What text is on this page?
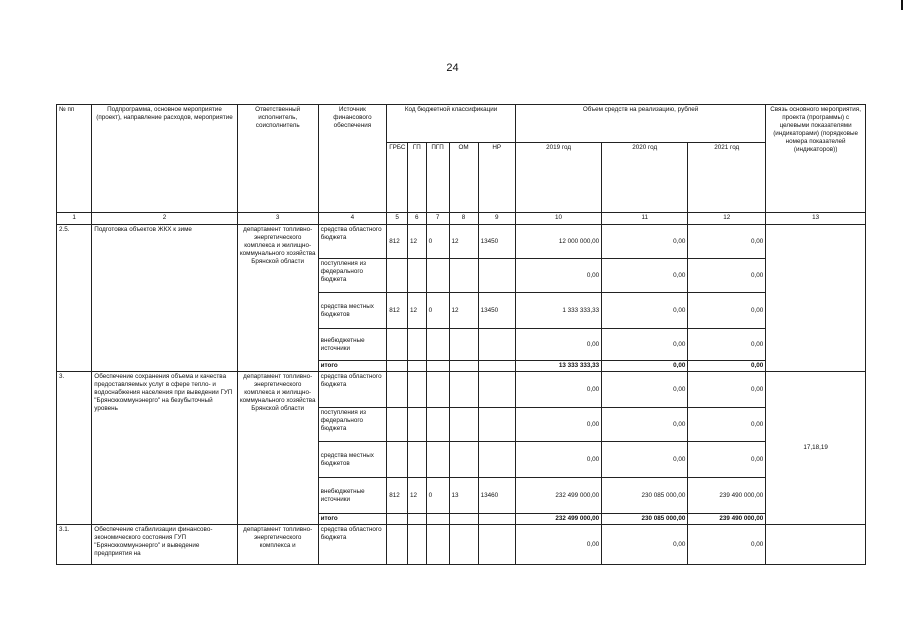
24
№ пп	Подпрограмма, основное мероприятие (проект), направление расходов, мероприятие	Ответственный исполнитель, соисполнитель	Источник финансового обеспечения	Код бюджетной классификации					Объем средств на реализацию, рублей			Связь основного мероприятия, проекта (программы) с целевыми показателями (индикаторами) (порядковые номера показателей (индикаторов))
				ГРБС	ГП	ПГП	ОМ	НР	2019 год	2020 год	2021 год	
1	2	3	4	5	6	7	8	9	10	11	12	13
2.5.	Подготовка объектов ЖКХ к зиме	департамент топливно-энергетического комплекса и жилищно-коммунального хозяйства Брянской области	средства областного бюджета	812	12	0	12	13450	12 000 000,00	0,00	0,00	
			поступления из федерального бюджета						0,00	0,00	0,00	
			средства местных бюджетов	812	12	0	12	13450	1 333 333,33	0,00	0,00	
			внебюджетные источники						0,00	0,00	0,00	
			итого						13 333 333,33	0,00	0,00	
3.	Обеспечение сохранения объема и качества предоставляемых услуг в сфере тепло- и водоснабжения населения при выведении ГУП "Брянсккоммунэнерго" на безубыточный уровень	департамент топливно-энергетического комплекса и жилищно-коммунального хозяйства Брянской области	средства областного бюджета						0,00	0,00	0,00	17,18,19
			поступления из федерального бюджета						0,00	0,00	0,00	
			средства местных бюджетов						0,00	0,00	0,00	
			внебюджетные источники	812	12	0	13	13460	232 499 000,00	230 085 000,00	239 490 000,00	
			итого						232 499 000,00	230 085 000,00	239 490 000,00	
3.1.	Обеспечение стабилизации финансово-экономического состояния ГУП "Брянсккоммунэнерго" и выведение предприятия на	департамент топливно-энергетического комплекса и	средства областного бюджета						0,00	0,00	0,00	
